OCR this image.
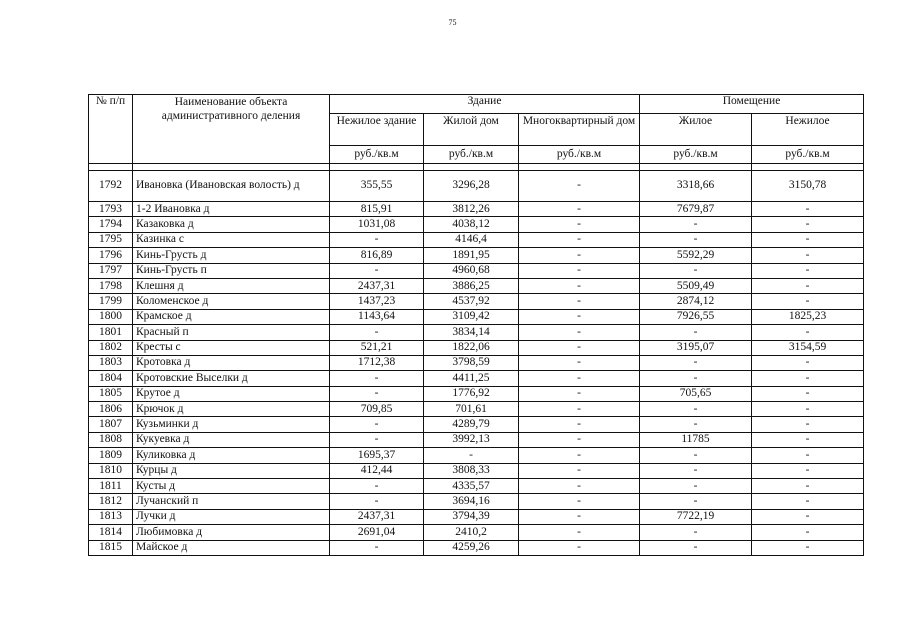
75
№ п/п	Наименование объекта административного деления	Здание			Помещение	
		Нежилое здание	Жилой дом	Многоквартирный дом	Жилое	Нежилое
		руб./кв.м	руб./кв.м	руб./кв.м	руб./кв.м	руб./кв.м

1792	Ивановка (Ивановская волость) д	355,55	3296,28	-	3318,66	3150,78
1793	1-2 Ивановка д	815,91	3812,26	-	7679,87	-
1794	Казаковка д	1031,08	4038,12	-	-	-
1795	Казинка с	-	4146,4	-	-	-
1796	Кинь-Грусть д	816,89	1891,95	-	5592,29	-
1797	Кинь-Грусть п	-	4960,68	-	-	-
1798	Клешня д	2437,31	3886,25	-	5509,49	-
1799	Коломенское д	1437,23	4537,92	-	2874,12	-
1800	Крамское д	1143,64	3109,42	-	7926,55	1825,23
1801	Красный п	-	3834,14	-	-	-
1802	Кресты с	521,21	1822,06	-	3195,07	3154,59
1803	Кротовка д	1712,38	3798,59	-	-	-
1804	Кротовские Выселки д	-	4411,25	-	-	-
1805	Крутое д	-	1776,92	-	705,65	-
1806	Крючок д	709,85	701,61	-	-	-
1807	Кузьминки д	-	4289,79	-	-	-
1808	Кукуевка д	-	3992,13	-	11785	-
1809	Куликовка д	1695,37	-	-	-	-
1810	Курцы д	412,44	3808,33	-	-	-
1811	Кусты д	-	4335,57	-	-	-
1812	Лучанский п	-	3694,16	-	-	-
1813	Лучки д	2437,31	3794,39	-	7722,19	-
1814	Любимовка д	2691,04	2410,2	-	-	-
1815	Майское д	-	4259,26	-	-	-
